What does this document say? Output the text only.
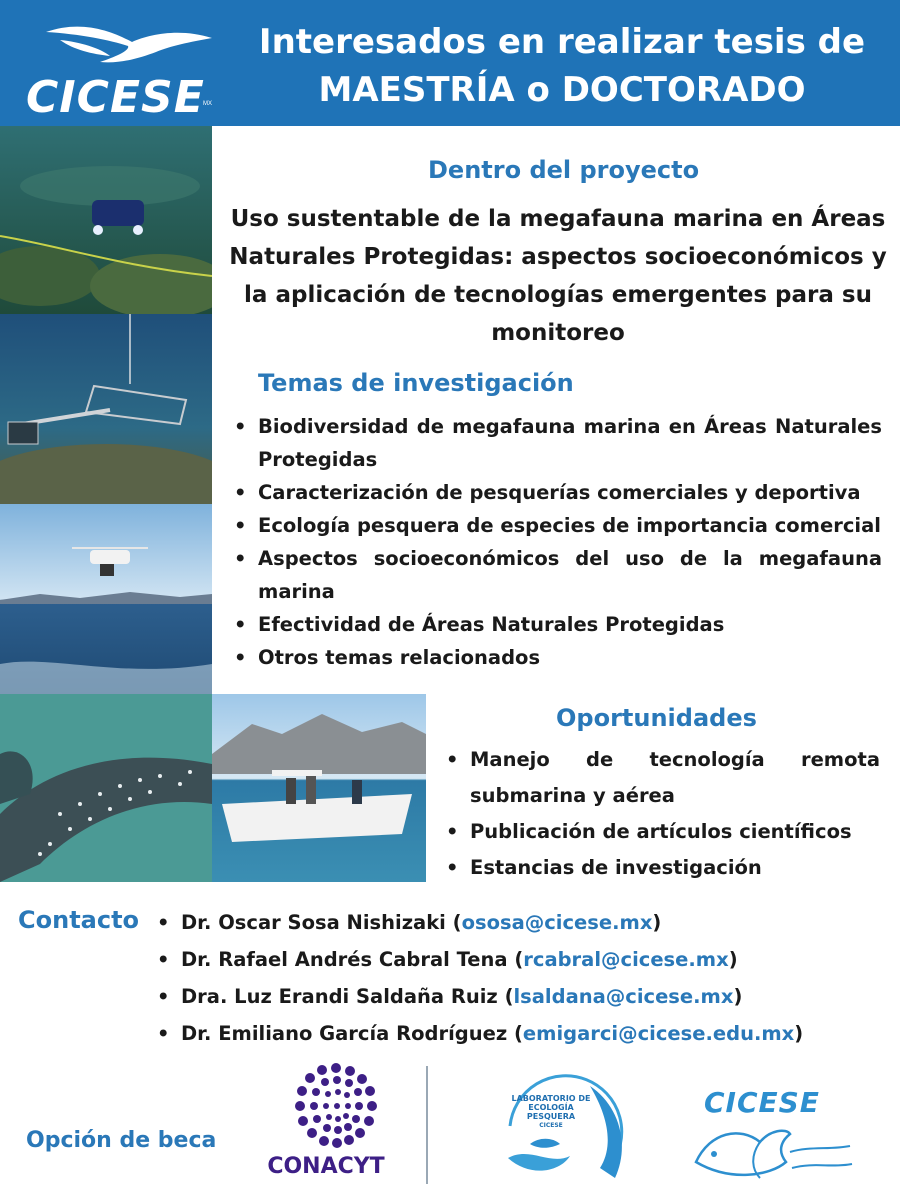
CICESE
MX
Interesados en realizar tesis de
MAESTRÍA o DOCTORADO
Dentro del proyecto
Uso sustentable de la megafauna marina en Áreas Naturales Protegidas: aspectos socioeconómicos y la aplicación de tecnologías emergentes para su monitoreo
Temas de investigación
• Biodiversidad de megafauna marina en Áreas Naturales Protegidas
• Caracterización de pesquerías comerciales y deportiva
• Ecología pesquera de especies de importancia comercial
• Aspectos socioeconómicos del uso de la megafauna marina
• Efectividad de Áreas Naturales Protegidas
• Otros temas relacionados
Oportunidades
• Manejo de tecnología remota submarina y aérea
• Publicación de artículos científicos
• Estancias de investigación
Contacto
•	Dr. Oscar Sosa Nishizaki (ososa@cicese.mx)
• Dr. Rafael Andrés Cabral Tena (rcabral@cicese.mx)
• Dra. Luz Erandi Saldaña Ruiz (lsaldana@cicese.mx)
• Dr. Emiliano García Rodríguez (emigarci@cicese.edu.mx)
Opción de beca
CONACYT
LABORATORIO DE ECOLOGÍA
PESQUERA
CICESE
CICESE
